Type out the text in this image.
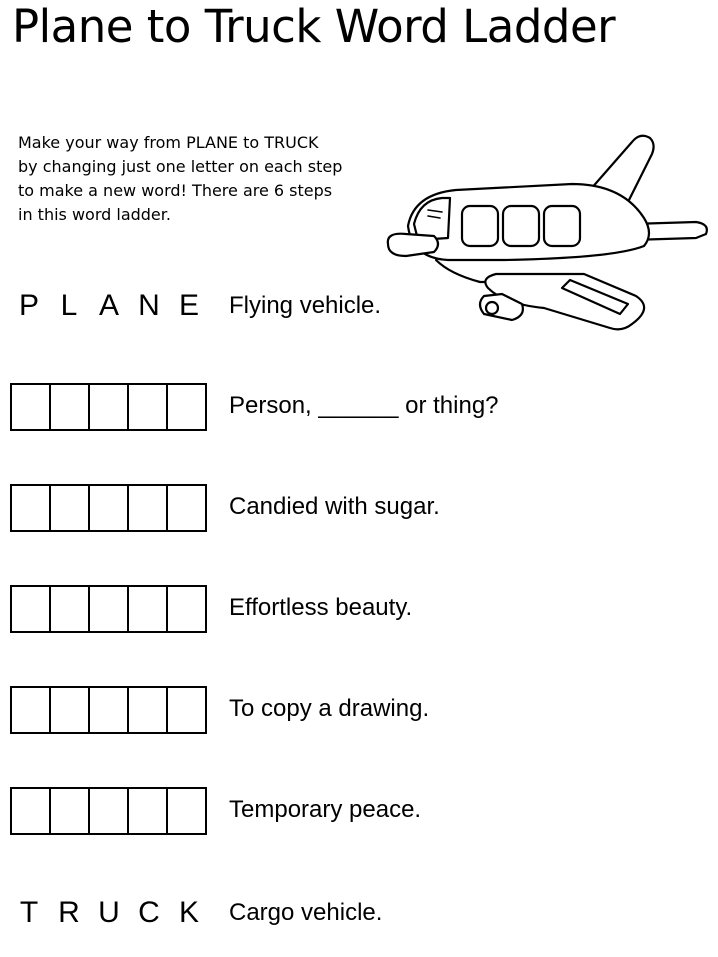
Plane to Truck Word Ladder
Make your way from PLANE to TRUCK
by changing just one letter on each step
to make a new word! There are 6 steps
in this word ladder.
P L A N E	Flying vehicle.
Person, ______ or thing?
Candied with sugar.
Effortless beauty.
To copy a drawing.
Temporary peace.
T R U C K	Cargo vehicle.
